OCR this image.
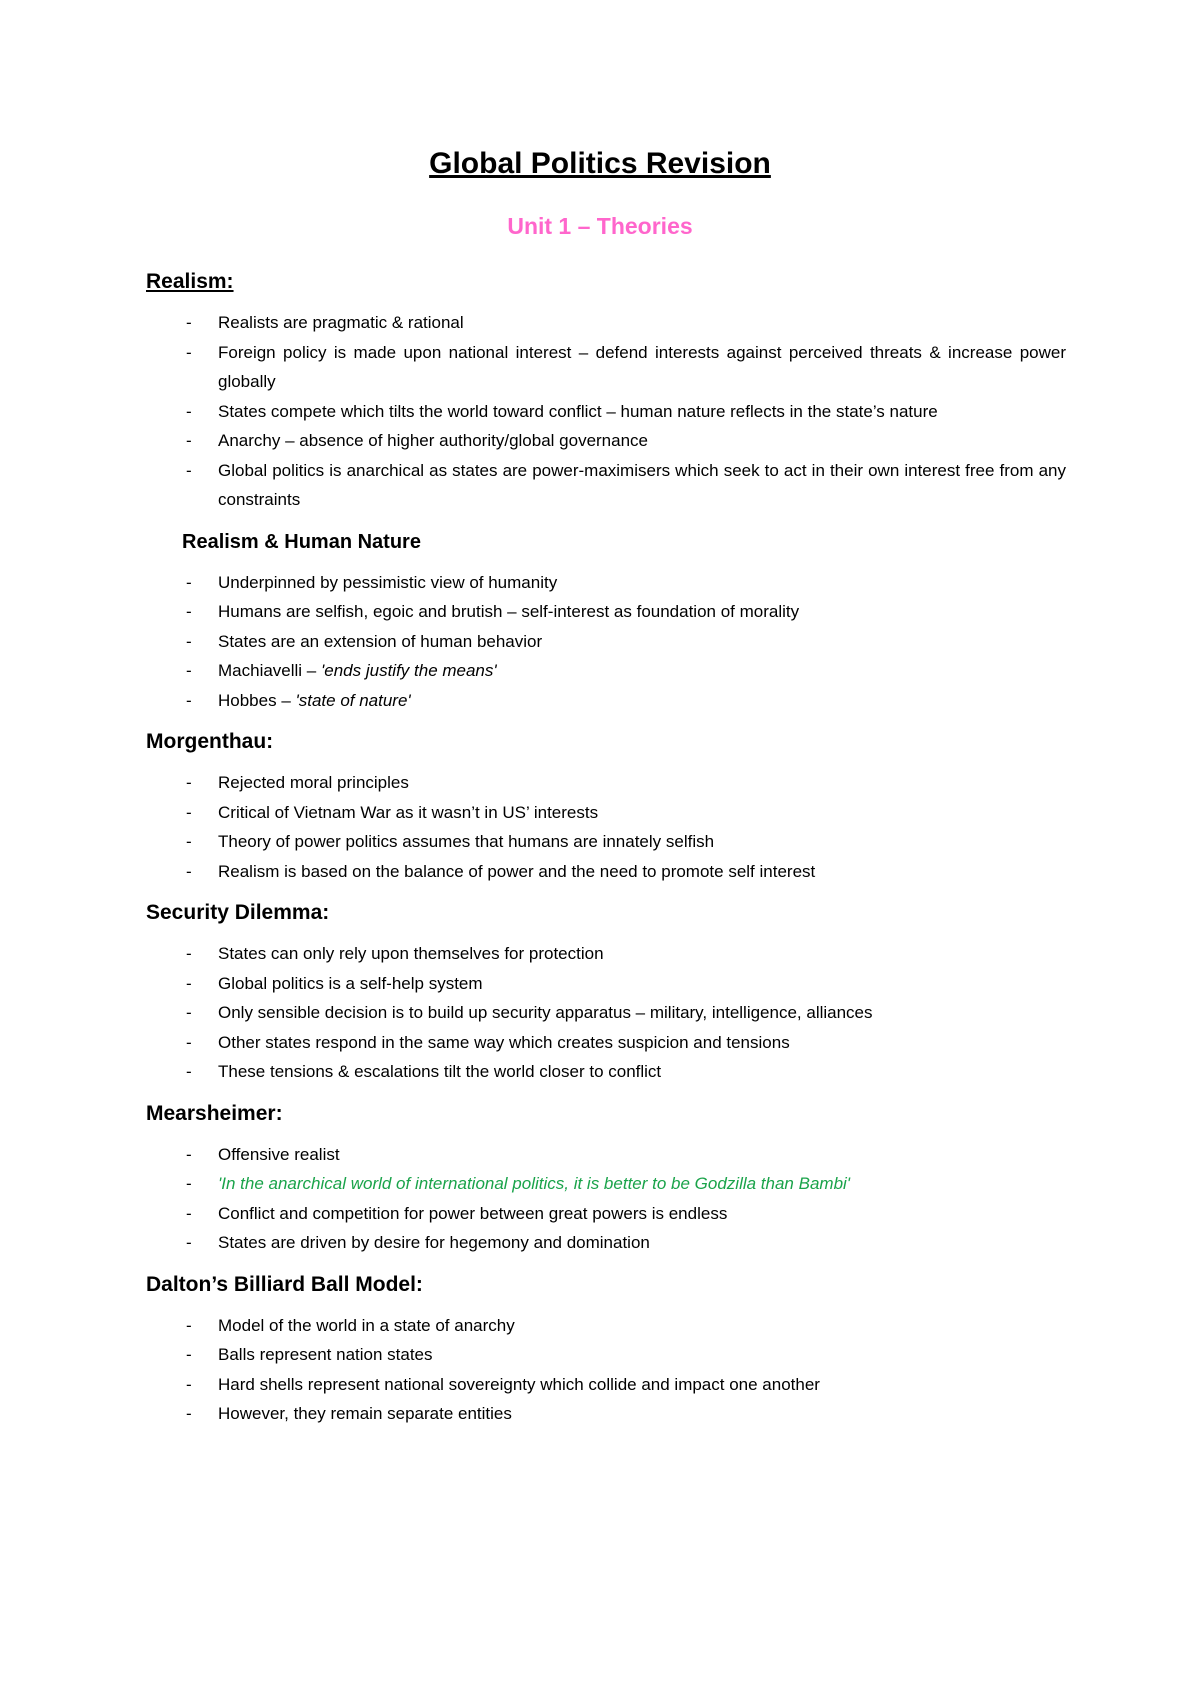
Global Politics Revision
Unit 1 – Theories
Realism:
- Realists are pragmatic & rational
- Foreign policy is made upon national interest – defend interests against perceived threats & increase power globally
- States compete which tilts the world toward conflict – human nature reflects in the state’s nature
- Anarchy – absence of higher authority/global governance
- Global politics is anarchical as states are power-maximisers which seek to act in their own interest free from any constraints
Realism & Human Nature
- Underpinned by pessimistic view of humanity
- Humans are selfish, egoic and brutish – self-interest as foundation of morality
- States are an extension of human behavior
- Machiavelli – 'ends justify the means'
- Hobbes – 'state of nature'
Morgenthau:
- Rejected moral principles
- Critical of Vietnam War as it wasn’t in US’ interests
- Theory of power politics assumes that humans are innately selfish
- Realism is based on the balance of power and the need to promote self interest
Security Dilemma:
- States can only rely upon themselves for protection
- Global politics is a self-help system
- Only sensible decision is to build up security apparatus – military, intelligence, alliances
- Other states respond in the same way which creates suspicion and tensions
- These tensions & escalations tilt the world closer to conflict
Mearsheimer:
- Offensive realist
- 'In the anarchical world of international politics, it is better to be Godzilla than Bambi'
- Conflict and competition for power between great powers is endless
- States are driven by desire for hegemony and domination
Dalton’s Billiard Ball Model:
- Model of the world in a state of anarchy
- Balls represent nation states
- Hard shells represent national sovereignty which collide and impact one another
- However, they remain separate entities
